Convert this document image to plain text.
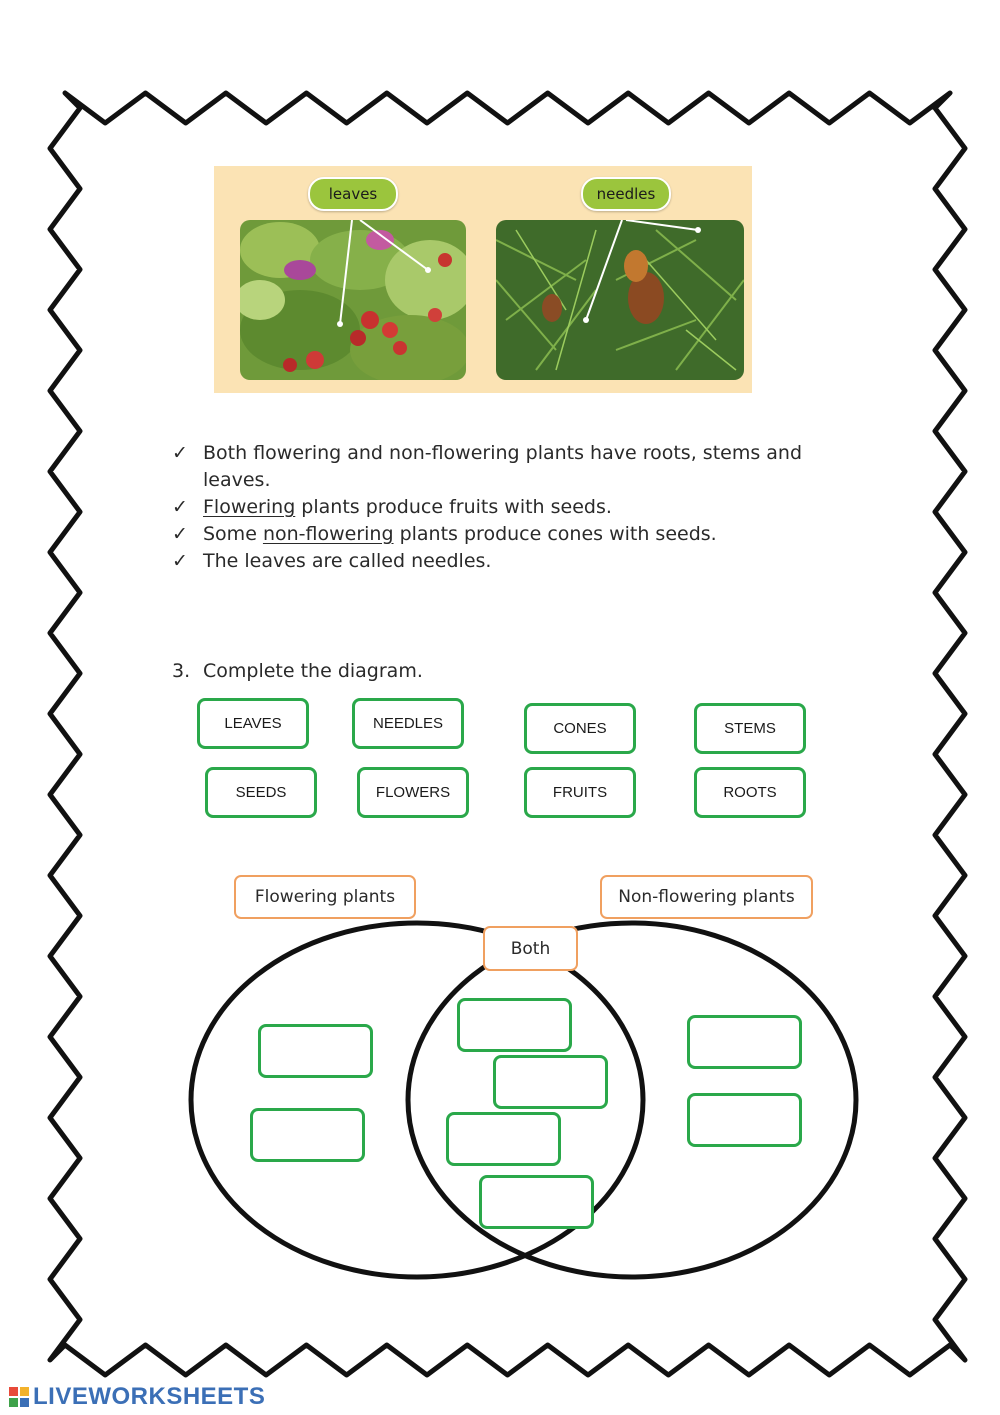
leaves	needles
✓ Both flowering and non-flowering plants have roots, stems and leaves.
✓ Flowering plants produce fruits with seeds.
✓ Some non-flowering plants produce cones with seeds.
✓ The leaves are called needles.
3. Complete the diagram.
LEAVES	NEEDLES	CONES	STEMS
SEEDS	FLOWERS	FRUITS	ROOTS
Flowering plants	Non-flowering plants
Both
LIVEWORKSHEETS
